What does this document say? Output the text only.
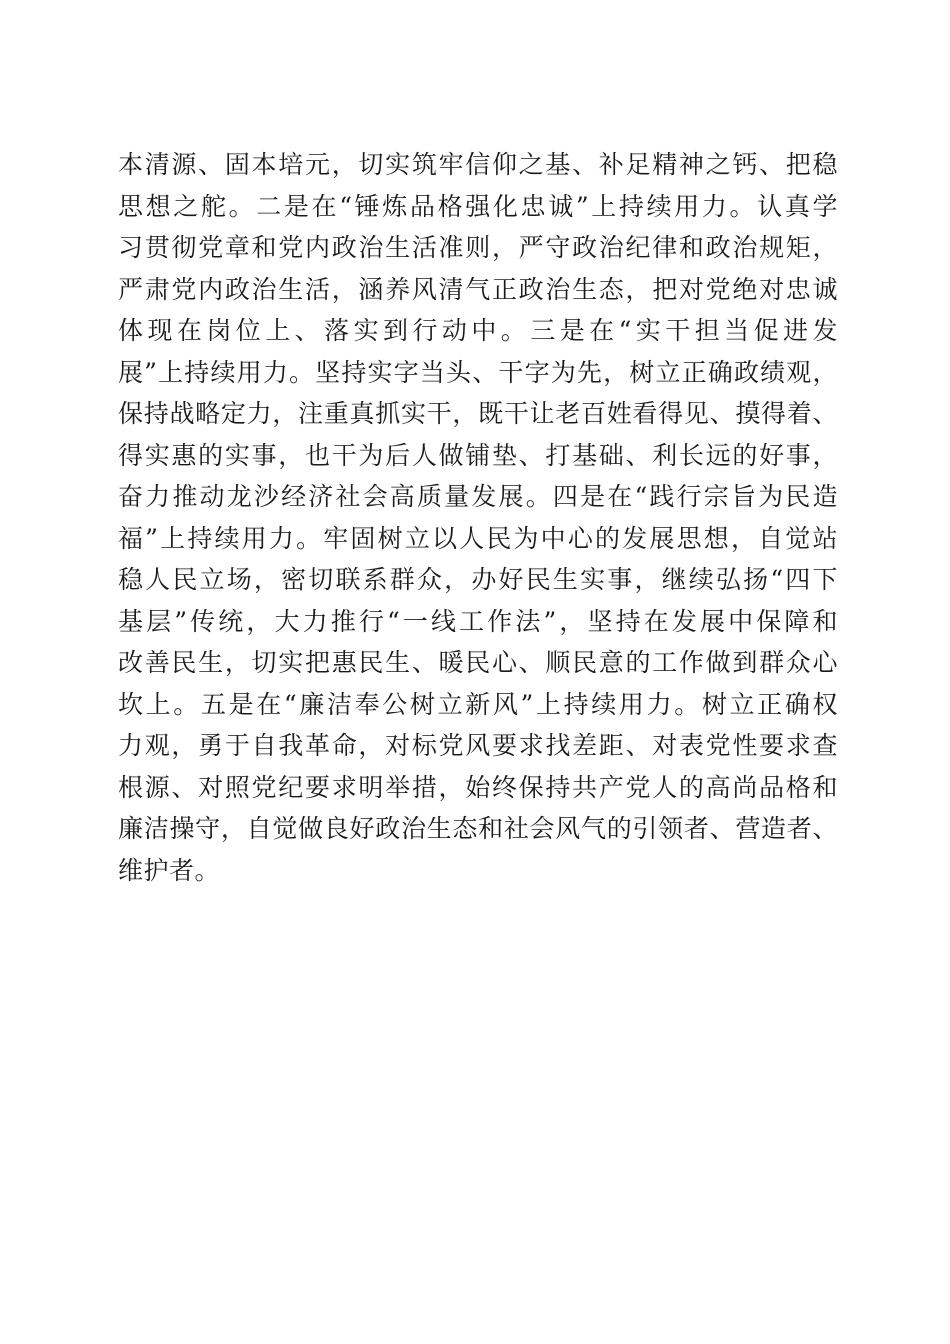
本清源、固本培元，切实筑牢信仰之基、补足精神之钙、把稳
思想之舵。二是在“锤炼品格强化忠诚”上持续用力。认真学
习贯彻党章和党内政治生活准则，严守政治纪律和政治规矩，
严肃党内政治生活，涵养风清气正政治生态，把对党绝对忠诚
体现在岗位上、落实到行动中。三是在“实干担当促进发
展”上持续用力。坚持实字当头、干字为先，树立正确政绩观，
保持战略定力，注重真抓实干，既干让老百姓看得见、摸得着、
得实惠的实事，也干为后人做铺垫、打基础、利长远的好事，
奋力推动龙沙经济社会高质量发展。四是在“践行宗旨为民造
福”上持续用力。牢固树立以人民为中心的发展思想，自觉站
稳人民立场，密切联系群众，办好民生实事，继续弘扬“四下
基层”传统，大力推行“一线工作法”，坚持在发展中保障和
改善民生，切实把惠民生、暖民心、顺民意的工作做到群众心
坎上。五是在“廉洁奉公树立新风”上持续用力。树立正确权
力观，勇于自我革命，对标党风要求找差距、对表党性要求查
根源、对照党纪要求明举措，始终保持共产党人的高尚品格和
廉洁操守，自觉做良好政治生态和社会风气的引领者、营造者、
维护者。
